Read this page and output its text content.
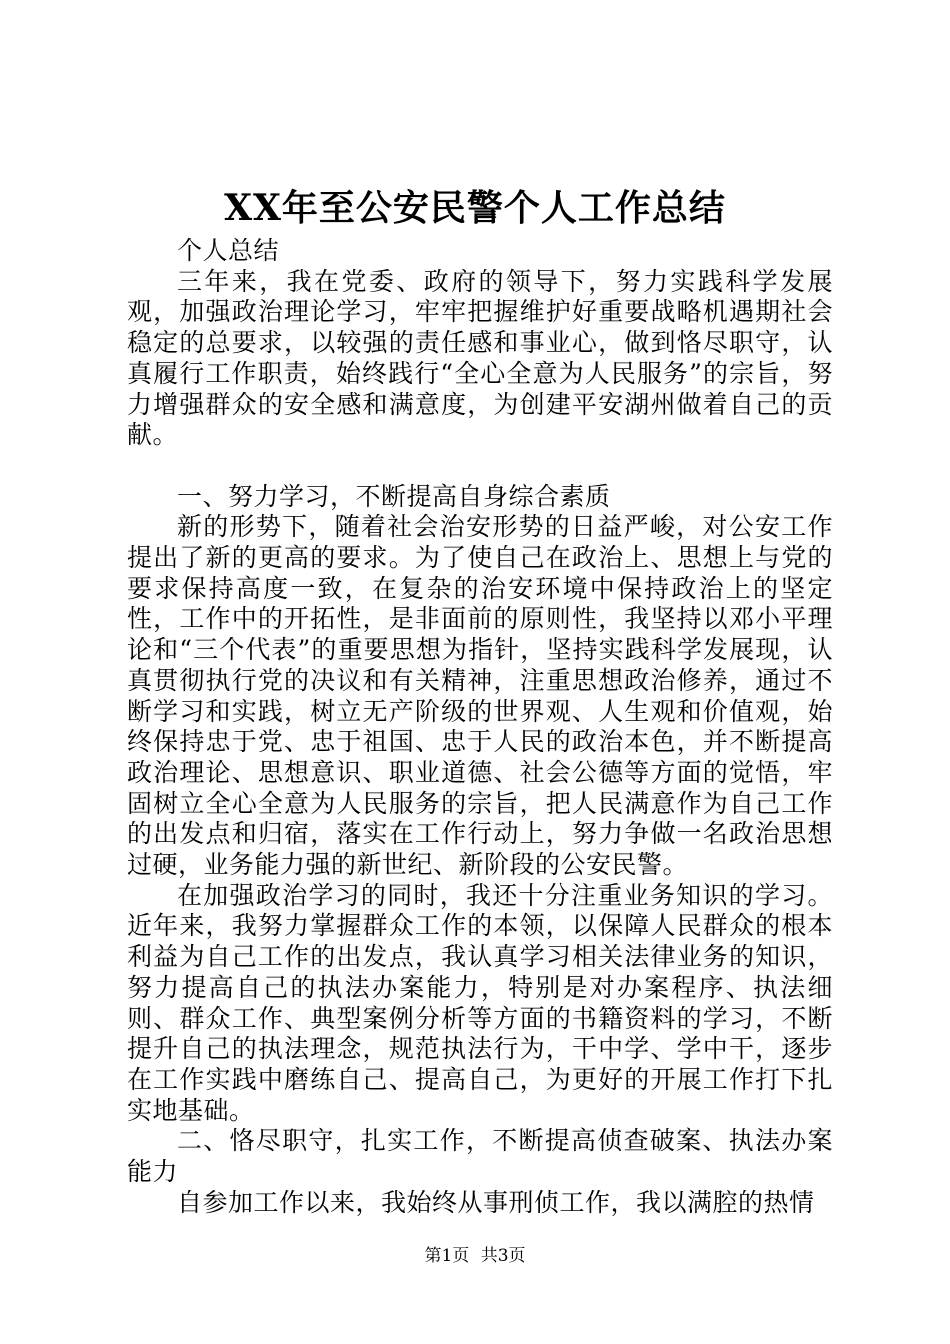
XX年至公安民警个人工作总结

个人总结

三年来，我在党委、政府的领导下，努力实践科学发展观，加强政治理论学习，牢牢把握维护好重要战略机遇期社会稳定的总要求，以较强的责任感和事业心，做到恪尽职守，认真履行工作职责，始终践行“全心全意为人民服务”的宗旨，努力增强群众的安全感和满意度，为创建平安湖州做着自己的贡献。

一、努力学习，不断提高自身综合素质

新的形势下，随着社会治安形势的日益严峻，对公安工作提出了新的更高的要求。为了使自己在政治上、思想上与党的要求保持高度一致，在复杂的治安环境中保持政治上的坚定性，工作中的开拓性，是非面前的原则性，我坚持以邓小平理论和“三个代表”的重要思想为指针，坚持实践科学发展现，认真贯彻执行党的决议和有关精神，注重思想政治修养，通过不断学习和实践，树立无产阶级的世界观、人生观和价值观，始终保持忠于党、忠于祖国、忠于人民的政治本色，并不断提高政治理论、思想意识、职业道德、社会公德等方面的觉悟，牢固树立全心全意为人民服务的宗旨，把人民满意作为自己工作的出发点和归宿，落实在工作行动上，努力争做一名政治思想过硬，业务能力强的新世纪、新阶段的公安民警。

在加强政治学习的同时，我还十分注重业务知识的学习。近年来，我努力掌握群众工作的本领，以保障人民群众的根本利益为自己工作的出发点，我认真学习相关法律业务的知识，努力提高自己的执法办案能力，特别是对办案程序、执法细则、群众工作、典型案例分析等方面的书籍资料的学习，不断提升自己的执法理念，规范执法行为，干中学、学中干，逐步在工作实践中磨练自己、提高自己，为更好的开展工作打下扎实地基础。

二、恪尽职守，扎实工作，不断提高侦查破案、执法办案能力

自参加工作以来，我始终从事刑侦工作，我以满腔的热情

第1页 共3页
